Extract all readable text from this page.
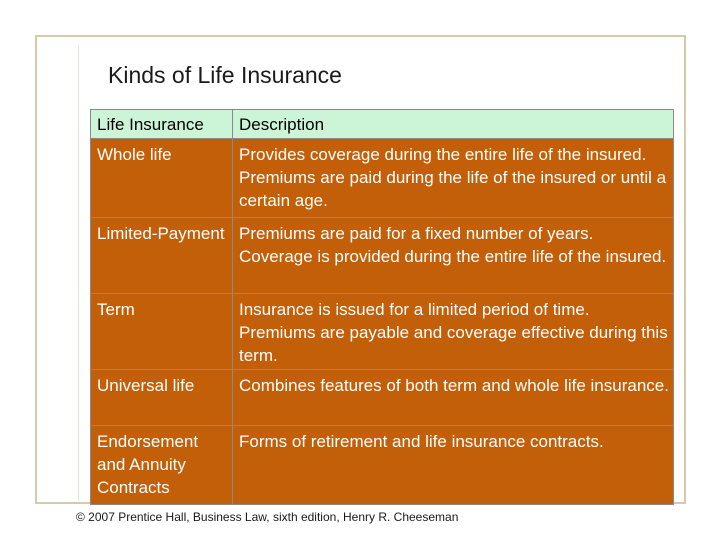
Kinds of Life Insurance
Life Insurance	Description
Whole life	Provides coverage during the entire life of the insured. Premiums are paid during the life of the insured or until a certain age.
Limited-Payment	Premiums are paid for a fixed number of years. Coverage is provided during the entire life of the insured.
Term	Insurance is issued for a limited period of time. Premiums are payable and coverage effective during this term.
Universal life	Combines features of both term and whole life insurance.
Endorsement and Annuity Contracts	Forms of retirement and life insurance contracts.
© 2007 Prentice Hall, Business Law, sixth edition, Henry R. Cheeseman
